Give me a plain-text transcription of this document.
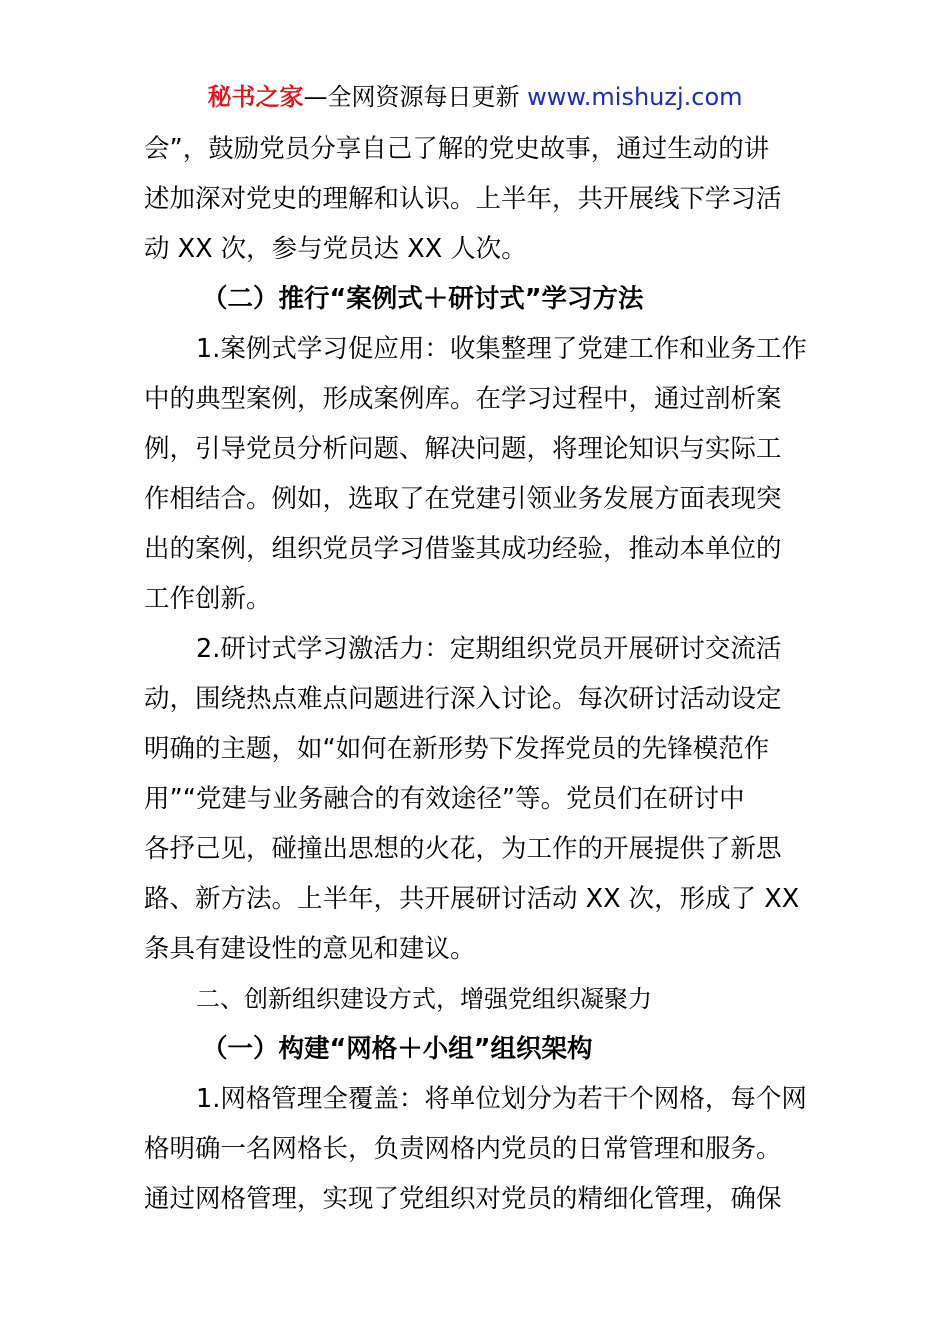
秘书之家—全网资源每日更新 www.mishuzj.com
会”，鼓励党员分享自己了解的党史故事，通过生动的讲
述加深对党史的理解和认识。上半年，共开展线下学习活
动 XX 次，参与党员达 XX 人次。
（二）推行“案例式＋研讨式”学习方法
1.案例式学习促应用：收集整理了党建工作和业务工作
中的典型案例，形成案例库。在学习过程中，通过剖析案
例，引导党员分析问题、解决问题，将理论知识与实际工
作相结合。例如，选取了在党建引领业务发展方面表现突
出的案例，组织党员学习借鉴其成功经验，推动本单位的
工作创新。
2.研讨式学习激活力：定期组织党员开展研讨交流活
动，围绕热点难点问题进行深入讨论。每次研讨活动设定
明确的主题，如“如何在新形势下发挥党员的先锋模范作
用”“党建与业务融合的有效途径”等。党员们在研讨中
各抒己见，碰撞出思想的火花，为工作的开展提供了新思
路、新方法。上半年，共开展研讨活动 XX 次，形成了 XX
条具有建设性的意见和建议。
二、创新组织建设方式，增强党组织凝聚力
（一）构建“网格＋小组”组织架构
1.网格管理全覆盖：将单位划分为若干个网格，每个网
格明确一名网格长，负责网格内党员的日常管理和服务。
通过网格管理，实现了党组织对党员的精细化管理，确保
